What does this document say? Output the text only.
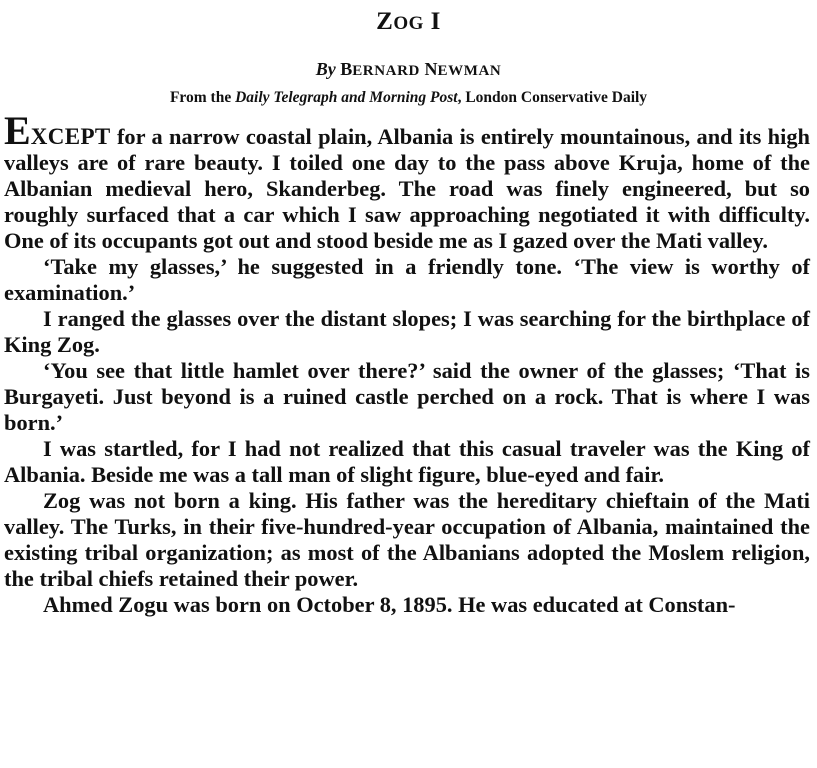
ZOG I
By BERNARD NEWMAN
From the Daily Telegraph and Morning Post, London Conservative Daily

EXCEPT for a narrow coastal plain, Albania is entirely mountainous, and its high valleys are of rare beauty. I toiled one day to the pass above Kruja, home of the Albanian medieval hero, Skanderbeg. The road was finely engineered, but so roughly surfaced that a car which I saw approaching negotiated it with difficulty. One of its occupants got out and stood beside me as I gazed over the Mati valley.

‘Take my glasses,’ he suggested in a friendly tone. ‘The view is worthy of examination.’

I ranged the glasses over the distant slopes; I was searching for the birthplace of King Zog.

‘You see that little hamlet over there?’ said the owner of the glasses; ‘That is Burgayeti. Just beyond is a ruined castle perched on a rock. That is where I was born.’

I was startled, for I had not realized that this casual traveler was the King of Albania. Beside me was a tall man of slight figure, blue-eyed and fair.

Zog was not born a king. His father was the hereditary chieftain of the Mati valley. The Turks, in their five-hundred-year occupation of Albania, maintained the existing tribal organization; as most of the Albanians adopted the Moslem religion, the tribal chiefs retained their power.

Ahmed Zogu was born on October 8, 1895. He was educated at Constan-
